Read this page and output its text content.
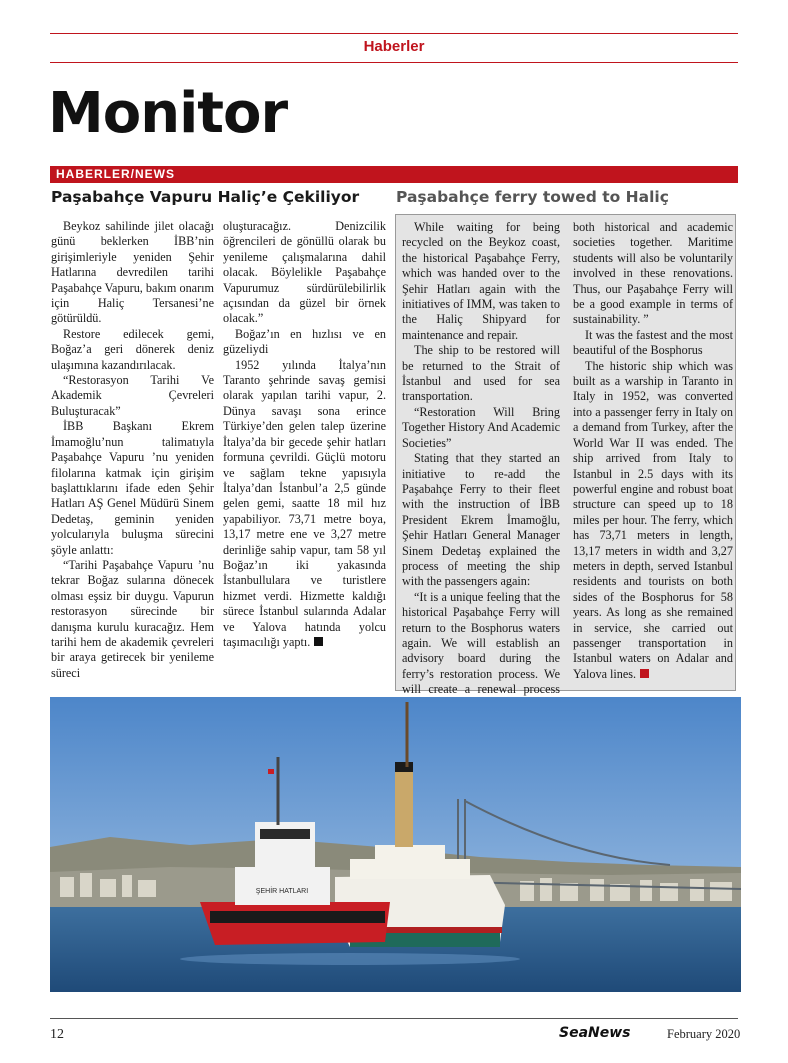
Haberler
Monitor
HABERLER/NEWS
Paşabahçe Vapuru Haliç’e Çekiliyor Paşabahçe ferry towed to Haliç

Beykoz sahilinde jilet olacağı günü beklerken İBB’nin girişimleriyle yeniden Şehir Hatlarına devredilen tarihi Paşabahçe Vapuru, bakım onarım için Haliç Tersanesi’ne götürüldü.

Restore edilecek gemi, Boğaz’a geri dönerek deniz ulaşımına kazandırılacak.

“Restorasyon Tarihi Ve Akademik Çevreleri Buluşturacak”

İBB Başkanı Ekrem İmamoğlu’nun talimatıyla Paşabahçe Vapuru ’nu yeniden filolarına katmak için girişim başlattıklarını ifade eden Şehir Hatları AŞ Genel Müdürü Sinem Dedetaş, geminin yeniden yolcularıyla buluşma sürecini şöyle anlattı:

“Tarihi Paşabahçe Vapuru ’nu tekrar Boğaz sularına dönecek olması eşsiz bir duygu. Vapurun restorasyon sürecinde bir danışma kurulu kuracağız. Hem tarihi hem de akademik çevreleri bir araya getirecek bir yenileme süreci

oluşturacağız. Denizcilik öğrencileri de gönüllü olarak bu yenileme çalışmalarına dahil olacak. Böylelikle Paşabahçe Vapurumuz sürdürülebilirlik açısından da güzel bir örnek olacak.”

Boğaz’ın en hızlısı ve en güzeliydi

1952 yılında İtalya’nın Taranto şehrinde savaş gemisi olarak yapılan tarihi vapur, 2. Dünya savaşı sona erince Türkiye’den gelen talep üzerine İtalya’da bir gecede şehir hatları formuna çevrildi. Güçlü motoru ve sağlam tekne yapısıyla İtalya’dan İstanbul’a 2,5 günde gelen gemi, saatte 18 mil hız yapabiliyor. 73,71 metre boya, 13,17 metre ene ve 3,27 metre derinliğe sahip vapur, tam 58 yıl Boğaz’ın iki yakasında İstanbullulara ve turistlere hizmet verdi. Hizmette kaldığı sürece İstanbul sularında Adalar ve Yalova hatında yolcu taşımacılığı yaptı.

While waiting for being recycled on the Beykoz coast, the historical Paşabahçe Ferry, which was handed over to the Şehir Hatları again with the initiatives of IMM, was taken to the Haliç Shipyard for maintenance and repair.

The ship to be restored will be returned to the Strait of İstanbul and used for sea transportation.

“Restoration Will Bring Together History And Academic Societies”

Stating that they started an initiative to re-add the Paşabahçe Ferry to their fleet with the instruction of İBB President Ekrem İmamoğlu, Şehir Hatları General Manager Sinem Dedetaş explained the process of meeting the ship with the passengers again:

“It is a unique feeling that the historical Paşabahçe Ferry will return to the Bosphorus waters again. We will establish an advisory board during the ferry’s restoration process. We will create a renewal process

both historical and academic societies together. Maritime students will also be voluntarily involved in these renovations. Thus, our Paşabahçe Ferry will be a good example in terms of sustainability. ”

It was the fastest and the most beautiful of the Bosphorus

The historic ship which was built as a warship in Taranto in Italy in 1952, was converted into a passenger ferry in Italy on a demand from Turkey, after the World War II was ended. The ship arrived from Italy to Istanbul in 2.5 days with its powerful engine and robust boat structure can speed up to 18 miles per hour. The ferry, which has 73,71 meters in length, 13,17 meters in width and 3,27 meters in depth, served Istanbul residents and tourists on both sides of the Bosphorus for 58 years. As long as she remained in service, she carried out passenger transportation in Istanbul waters on Adalar and Yalova lines.

ŞEHİR HATLARI
12	SeaNews	February 2020
